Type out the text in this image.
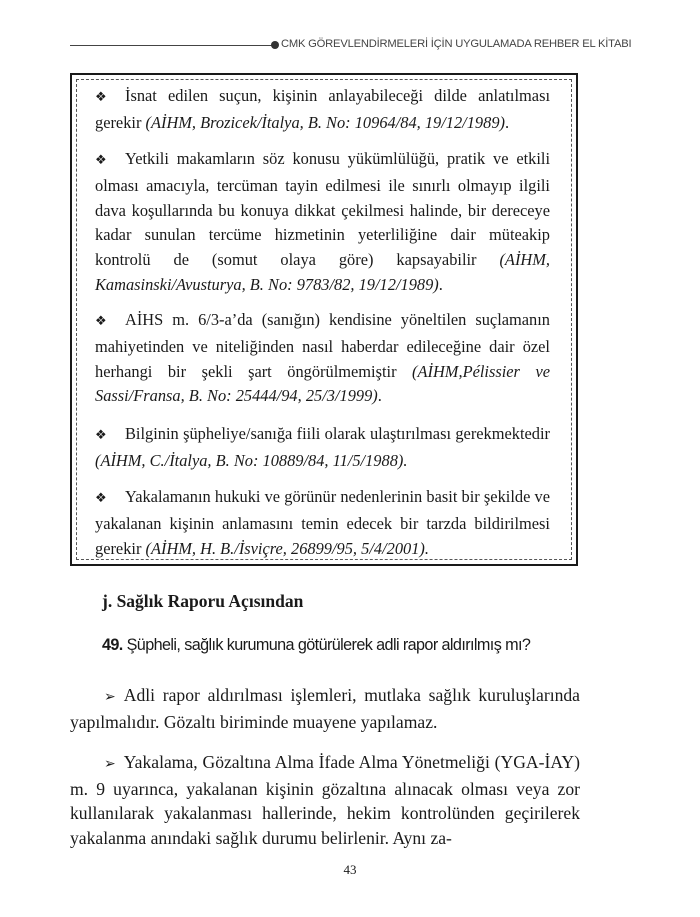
CMK GÖREVLENDİRMELERİ İÇİN UYGULAMADA REHBER EL KİTABI
❖ İsnat edilen suçun, kişinin anlayabileceği dilde anlatılması gerekir (AİHM, Brozicek/İtalya, B. No: 10964/84, 19/12/1989).
❖ Yetkili makamların söz konusu yükümlülüğü, pratik ve etkili olması amacıyla, tercüman tayin edilmesi ile sınırlı olmayıp ilgili dava koşullarında bu konuya dikkat çekilmesi halinde, bir dereceye kadar sunulan tercüme hizmetinin yeterliliğine dair müteakip kontrolü de (somut olaya göre) kapsayabilir (AİHM, Kamasinski/Avusturya, B. No: 9783/82, 19/12/1989).
❖ AİHS m. 6/3-a’da (sanığın) kendisine yöneltilen suçlamanın mahiyetinden ve niteliğinden nasıl haberdar edileceğine dair özel herhangi bir şekli şart öngörülmemiştir (AİHM,Pélissier ve Sassi/Fransa, B. No: 25444/94, 25/3/1999).
❖ Bilginin şüpheliye/sanığa fiili olarak ulaştırılması gerekmektedir (AİHM, C./İtalya, B. No: 10889/84, 11/5/1988).
❖ Yakalamanın hukuki ve görünür nedenlerinin basit bir şekilde ve yakalanan kişinin anlamasını temin edecek bir tarzda bildirilmesi gerekir (AİHM, H. B./İsviçre, 26899/95, 5/4/2001).
j. Sağlık Raporu Açısından
49. Şüpheli, sağlık kurumuna götürülerek adli rapor aldırılmış mı?
➢ Adli rapor aldırılması işlemleri, mutlaka sağlık kuruluşlarında yapılmalıdır. Gözaltı biriminde muayene yapılamaz.
➢ Yakalama, Gözaltına Alma İfade Alma Yönetmeliği (YGA-İAY) m. 9 uyarınca, yakalanan kişinin gözaltına alınacak olması veya zor kullanılarak yakalanması hallerinde, hekim kontrolünden geçirilerek yakalanma anındaki sağlık durumu belirlenir. Aynı za-
43
